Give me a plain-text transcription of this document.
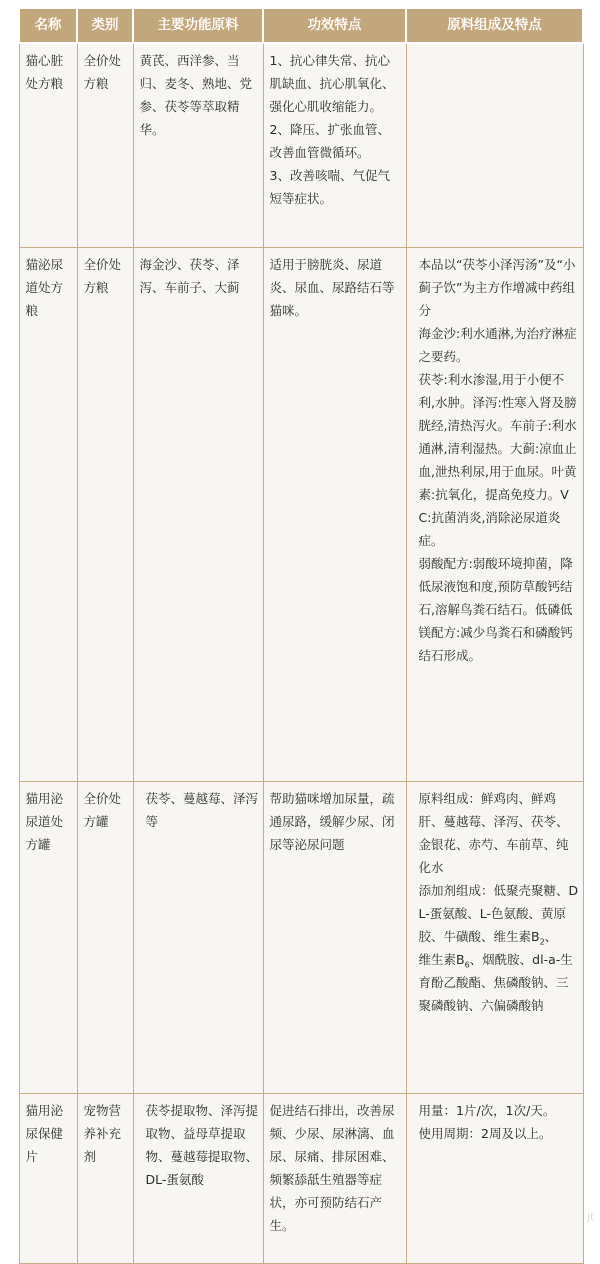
名称	类别	主要功能原料	功效特点	原料组成及特点
猫心脏处方粮	全价处方粮	黄芪、西洋参、当归、麦冬、熟地、党参、茯苓等萃取精华。	1、抗心律失常、抗心肌缺血、抗心肌氧化、强化心肌收缩能力。
2、降压、扩张血管、改善血管微循环。
3、改善咳喘、气促气短等症状。	
猫泌尿道处方粮	全价处方粮	海金沙、茯苓、泽泻、车前子、大蓟	适用于膀胱炎、尿道炎、尿血、尿路结石等猫咪。	本品以“茯苓小泽泻汤”及“小蓟子饮”为主方作增减中药组分
海金沙:利水通淋,为治疗淋症之要药。
茯苓:利水渗湿,用于小便不利,水肿。泽泻:性寒入肾及膀胱经,清热泻火。车前子:利水通淋,清利湿热。大蓟:凉血止血,泄热利尿,用于血尿。叶黄素:抗氧化，提高免疫力。VC:抗菌消炎,消除泌尿道炎症。
弱酸配方:弱酸环境抑菌，降低尿液饱和度,预防草酸钙结石,溶解鸟粪石结石。低磷低镁配方:减少鸟粪石和磷酸钙结石形成。
猫用泌尿道处方罐	全价处方罐	茯苓、蔓越莓、泽泻等	帮助猫咪增加尿量，疏通尿路，缓解少尿、闭尿等泌尿问题	原料组成：鲜鸡肉、鲜鸡肝、蔓越莓、泽泻、茯苓、金银花、赤芍、车前草、纯化水
添加剂组成：低聚壳聚糖、DL-蛋氨酸、L-色氨酸、黄原胶、牛磺酸、维生素$B_2$、
维生素$B_6$、烟酰胺、dl-a-生育酚乙酸酯、焦磷酸钠、三聚磷酸钠、六偏磷酸钠
猫用泌尿保健片	宠物营养补充剂	茯苓提取物、泽泻提取物、益母草提取物、蔓越莓提取物、DL-蛋氨酸	促进结石排出，改善尿频、少尿、尿淋漓、血尿、尿痛、排尿困难、频繁舔舐生殖器等症状，亦可预防结石产生。	用量：1片/次，1次/天。
使用周期：2周及以上。
jt
